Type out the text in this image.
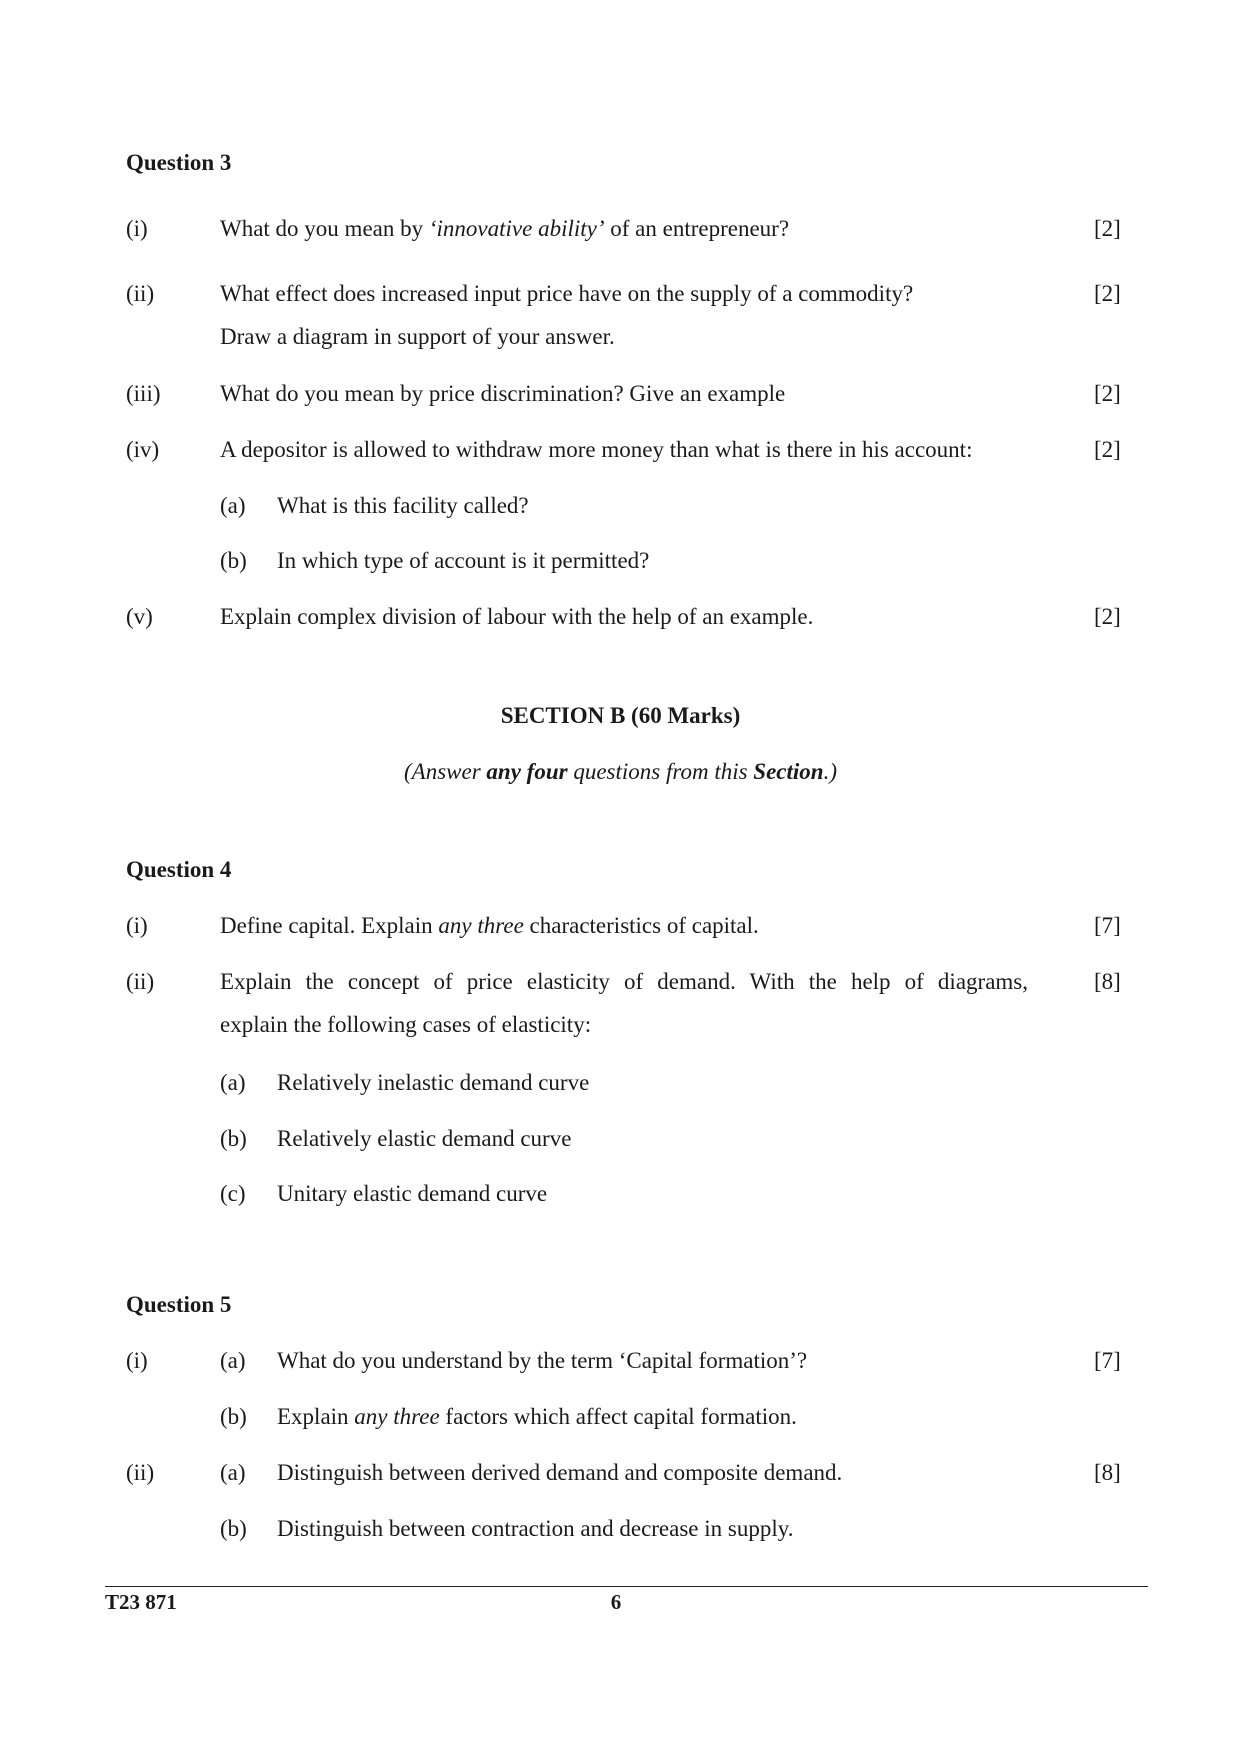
Question 3
(i)	What do you mean by ‘innovative ability’ of an entrepreneur?	[2]
(ii)	What effect does increased input price have on the supply of a commodity?	[2]
Draw a diagram in support of your answer.
(iii)	What do you mean by price discrimination? Give an example	[2]
(iv)	A depositor is allowed to withdraw more money than what is there in his account:	[2]
(a) What is this facility called?
(b) In which type of account is it permitted?
(v)	Explain complex division of labour with the help of an example.	[2]
SECTION B (60 Marks)
(Answer any four questions from this Section.)
Question 4
(i)	Define capital. Explain any three characteristics of capital.	[7]
(ii)	Explain the concept of price elasticity of demand. With the help of diagrams,	[8]
explain the following cases of elasticity:
(a) Relatively inelastic demand curve
(b) Relatively elastic demand curve
(c) Unitary elastic demand curve
Question 5
(i)	(a) What do you understand by the term ‘Capital formation’?	[7]
(b) Explain any three factors which affect capital formation.
(ii)	(a) Distinguish between derived demand and composite demand.	[8]
(b) Distinguish between contraction and decrease in supply.
T23 871	6
